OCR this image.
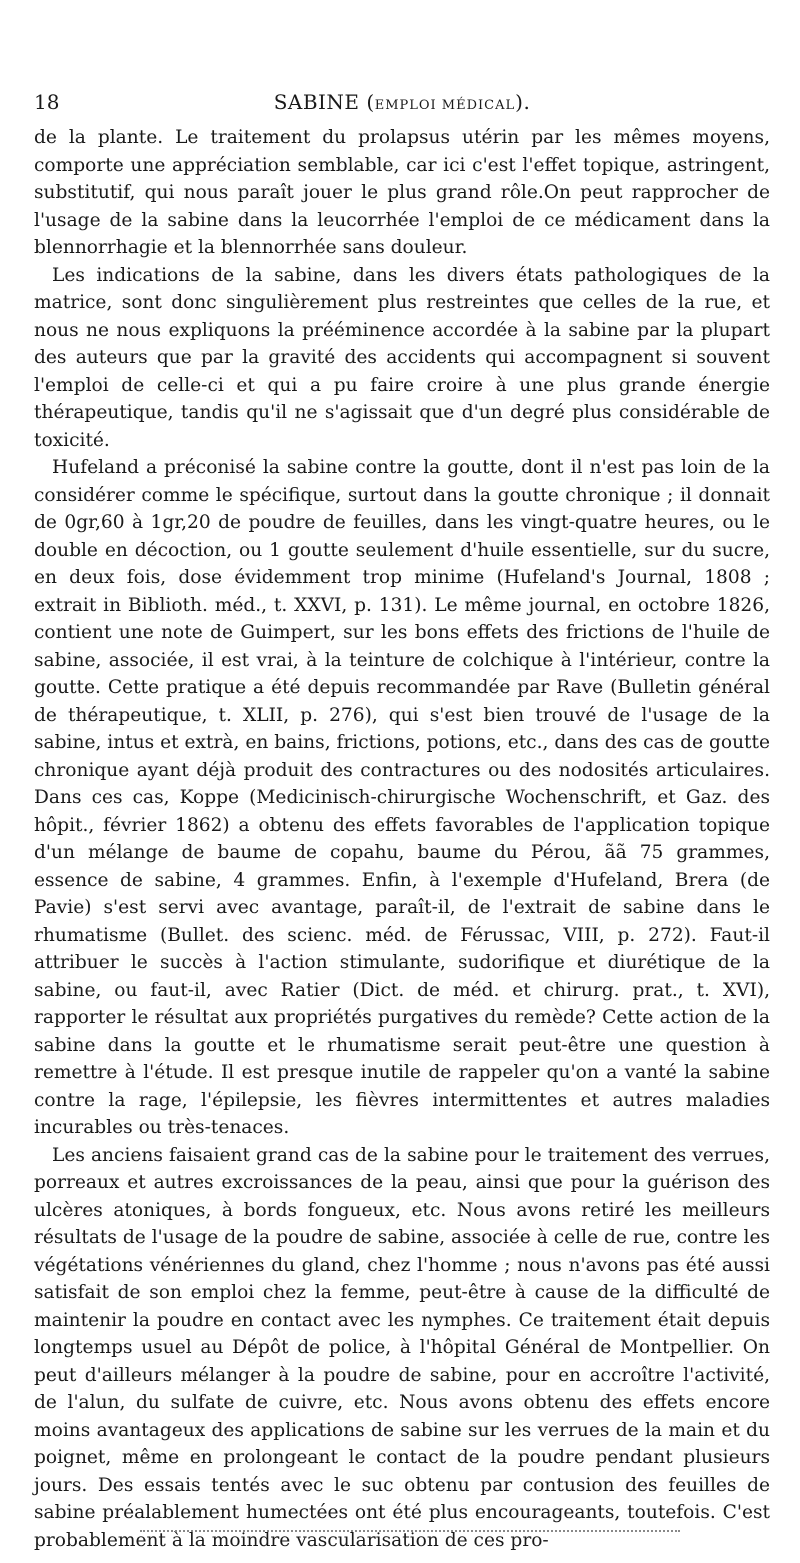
18	SABINE (EMPLOI MÉDICAL).

de la plante. Le traitement du prolapsus utérin par les mêmes moyens, comporte une appréciation semblable, car ici c'est l'effet topique, astringent, substitutif, qui nous paraît jouer le plus grand rôle.On peut rapprocher de l'usage de la sabine dans la leucorrhée l'emploi de ce médicament dans la blennorrhagie et la blennorrhée sans douleur.

Les indications de la sabine, dans les divers états pathologiques de la matrice, sont donc singulièrement plus restreintes que celles de la rue, et nous ne nous expliquons la prééminence accordée à la sabine par la plupart des auteurs que par la gravité des accidents qui accompagnent si souvent l'emploi de celle-ci et qui a pu faire croire à une plus grande énergie thérapeutique, tandis qu'il ne s'agissait que d'un degré plus considérable de toxicité.

Hufeland a préconisé la sabine contre la goutte, dont il n'est pas loin de la considérer comme le spécifique, surtout dans la goutte chronique ; il donnait de 0gr,60 à 1gr,20 de poudre de feuilles, dans les vingt-quatre heures, ou le double en décoction, ou 1 goutte seulement d'huile essentielle, sur du sucre, en deux fois, dose évidemment trop minime (Hufeland's Journal, 1808 ; extrait in Biblioth. méd., t. XXVI, p. 131). Le même journal, en octobre 1826, contient une note de Guimpert, sur les bons effets des frictions de l'huile de sabine, associée, il est vrai, à la teinture de colchique à l'intérieur, contre la goutte. Cette pratique a été depuis recommandée par Rave (Bulletin général de thérapeutique, t. XLII, p. 276), qui s'est bien trouvé de l'usage de la sabine, intus et extrà, en bains, frictions, potions, etc., dans des cas de goutte chronique ayant déjà produit des contractures ou des nodosités articulaires. Dans ces cas, Koppe (Medicinisch-chirurgische Wochenschrift, et Gaz. des hôpit., février 1862) a obtenu des effets favorables de l'application topique d'un mélange de baume de copahu, baume du Pérou, ãã 75 grammes, essence de sabine, 4 grammes. Enfin, à l'exemple d'Hufeland, Brera (de Pavie) s'est servi avec avantage, paraît-il, de l'extrait de sabine dans le rhumatisme (Bullet. des scienc. méd. de Férussac, VIII, p. 272). Faut-il attribuer le succès à l'action stimulante, sudorifique et diurétique de la sabine, ou faut-il, avec Ratier (Dict. de méd. et chirurg. prat., t. XVI), rapporter le résultat aux propriétés purgatives du remède? Cette action de la sabine dans la goutte et le rhumatisme serait peut-être une question à remettre à l'étude. Il est presque inutile de rappeler qu'on a vanté la sabine contre la rage, l'épilepsie, les fièvres intermittentes et autres maladies incurables ou très-tenaces.

Les anciens faisaient grand cas de la sabine pour le traitement des verrues, porreaux et autres excroissances de la peau, ainsi que pour la guérison des ulcères atoniques, à bords fongueux, etc. Nous avons retiré les meilleurs résultats de l'usage de la poudre de sabine, associée à celle de rue, contre les végétations vénériennes du gland, chez l'homme ; nous n'avons pas été aussi satisfait de son emploi chez la femme, peut-être à cause de la difficulté de maintenir la poudre en contact avec les nymphes. Ce traitement était depuis longtemps usuel au Dépôt de police, à l'hôpital Général de Montpellier. On peut d'ailleurs mélanger à la poudre de sabine, pour en accroître l'activité, de l'alun, du sulfate de cuivre, etc. Nous avons obtenu des effets encore moins avantageux des applications de sabine sur les verrues de la main et du poignet, même en prolongeant le contact de la poudre pendant plusieurs jours. Des essais tentés avec le suc obtenu par contusion des feuilles de sabine préalablement humectées ont été plus encourageants, toutefois. C'est probablement à la moindre vascularisation de ces pro-
